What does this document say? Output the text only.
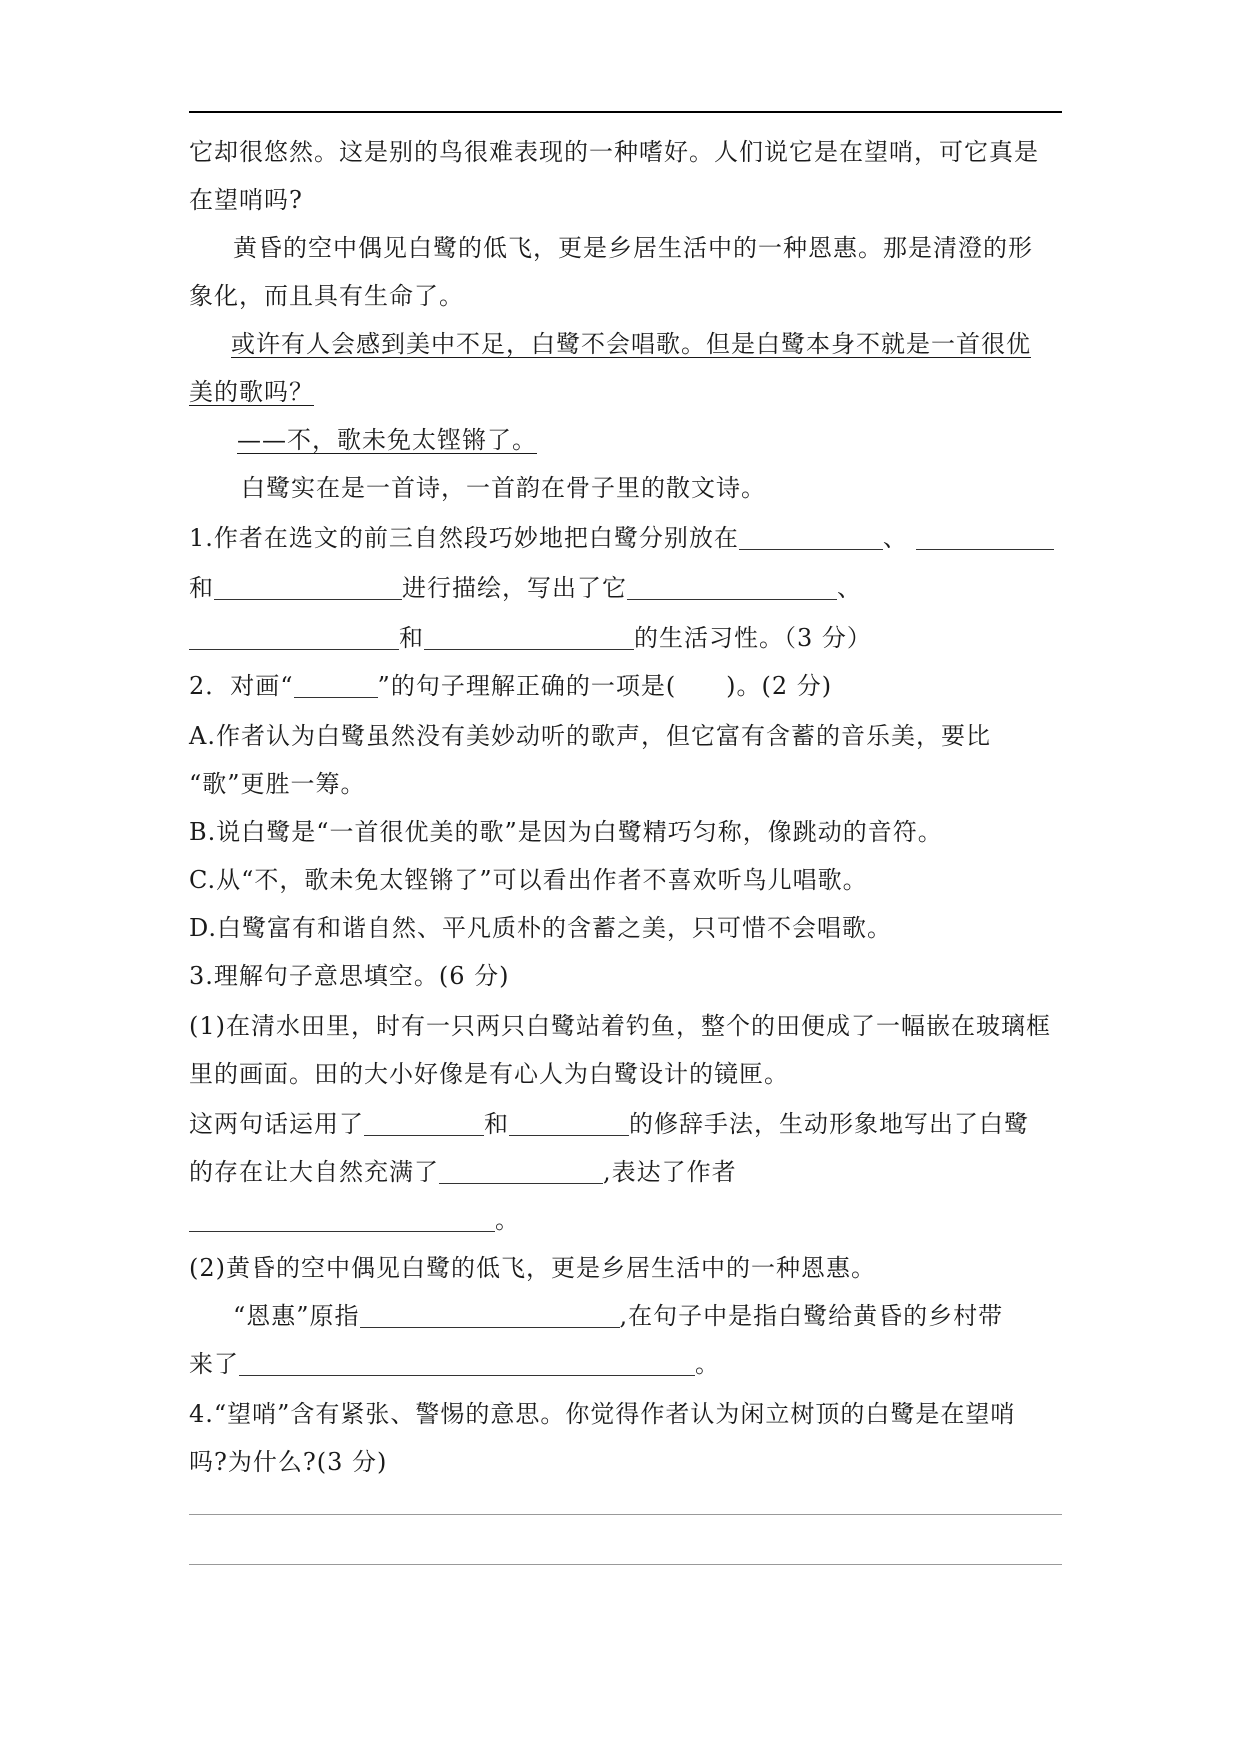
它却很悠然。这是别的鸟很难表现的一种嗜好。人们说它是在望哨，可它真是
在望哨吗?
黄昏的空中偶见白鹭的低飞，更是乡居生活中的一种恩惠。那是清澄的形
象化，而且具有生命了。
或许有人会感到美中不足，白鹭不会唱歌。但是白鹭本身不就是一首很优
美的歌吗？
——不，歌未免太铿锵了。
白鹭实在是一首诗，一首韵在骨子里的散文诗。
1.作者在选文的前三自然段巧妙地把白鹭分别放在	、
和	进行描绘，写出了它	、
和	的生活习性。（3 分）
2．对画“	”的句子理解正确的一项是(　　)。(2 分)
A.作者认为白鹭虽然没有美妙动听的歌声，但它富有含蓄的音乐美，要比
“歌”更胜一筹。
B.说白鹭是“一首很优美的歌”是因为白鹭精巧匀称，像跳动的音符。
C.从“不，歌未免太铿锵了”可以看出作者不喜欢听鸟儿唱歌。
D.白鹭富有和谐自然、平凡质朴的含蓄之美，只可惜不会唱歌。
3.理解句子意思填空。(6 分)
(1)在清水田里，时有一只两只白鹭站着钓鱼，整个的田便成了一幅嵌在玻璃框
里的画面。田的大小好像是有心人为白鹭设计的镜匣。
这两句话运用了	和	的修辞手法，生动形象地写出了白鹭
的存在让大自然充满了	,表达了作者
。
(2)黄昏的空中偶见白鹭的低飞，更是乡居生活中的一种恩惠。
“恩惠”原指	,在句子中是指白鹭给黄昏的乡村带
来了	。
4.“望哨”含有紧张、警惕的意思。你觉得作者认为闲立树顶的白鹭是在望哨
吗?为什么?(3 分)
